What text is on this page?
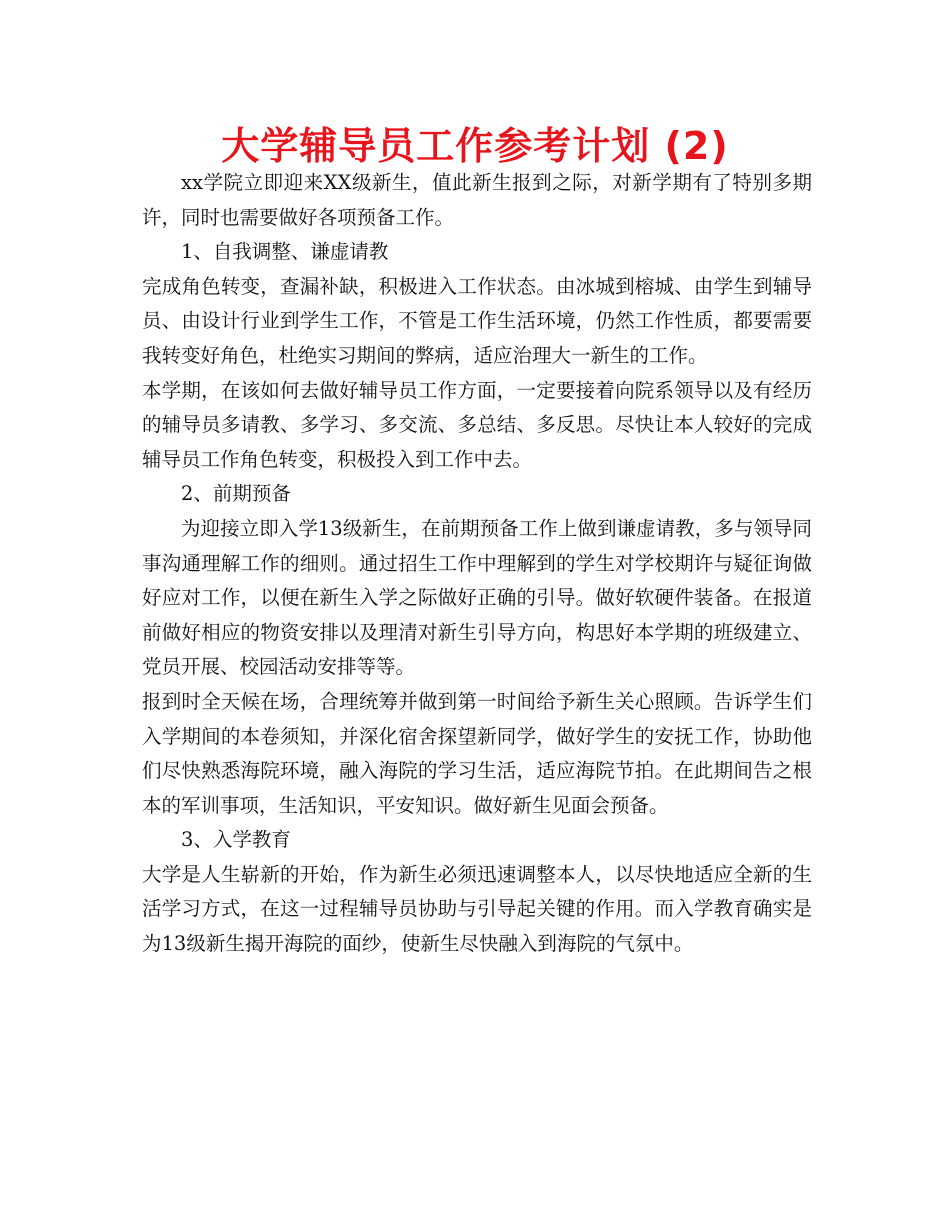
大学辅导员工作参考计划 (2)

xx学院立即迎来XX级新生，值此新生报到之际，对新学期有了特别多期许，同时也需要做好各项预备工作。

1、自我调整、谦虚请教

完成角色转变，查漏补缺，积极进入工作状态。由冰城到榕城、由学生到辅导员、由设计行业到学生工作，不管是工作生活环境，仍然工作性质，都要需要我转变好角色，杜绝实习期间的弊病，适应治理大一新生的工作。

本学期，在该如何去做好辅导员工作方面，一定要接着向院系领导以及有经历的辅导员多请教、多学习、多交流、多总结、多反思。尽快让本人较好的完成辅导员工作角色转变，积极投入到工作中去。

2、前期预备

为迎接立即入学13级新生，在前期预备工作上做到谦虚请教，多与领导同事沟通理解工作的细则。通过招生工作中理解到的学生对学校期许与疑征询做好应对工作，以便在新生入学之际做好正确的引导。做好软硬件装备。在报道前做好相应的物资安排以及理清对新生引导方向，构思好本学期的班级建立、党员开展、校园活动安排等等。

报到时全天候在场，合理统筹并做到第一时间给予新生关心照顾。告诉学生们入学期间的本卷须知，并深化宿舍探望新同学，做好学生的安抚工作，协助他们尽快熟悉海院环境，融入海院的学习生活，适应海院节拍。在此期间告之根本的军训事项，生活知识，平安知识。做好新生见面会预备。

3、入学教育

大学是人生崭新的开始，作为新生必须迅速调整本人，以尽快地适应全新的生活学习方式，在这一过程辅导员协助与引导起关键的作用。而入学教育确实是为13级新生揭开海院的面纱，使新生尽快融入到海院的气氛中。
